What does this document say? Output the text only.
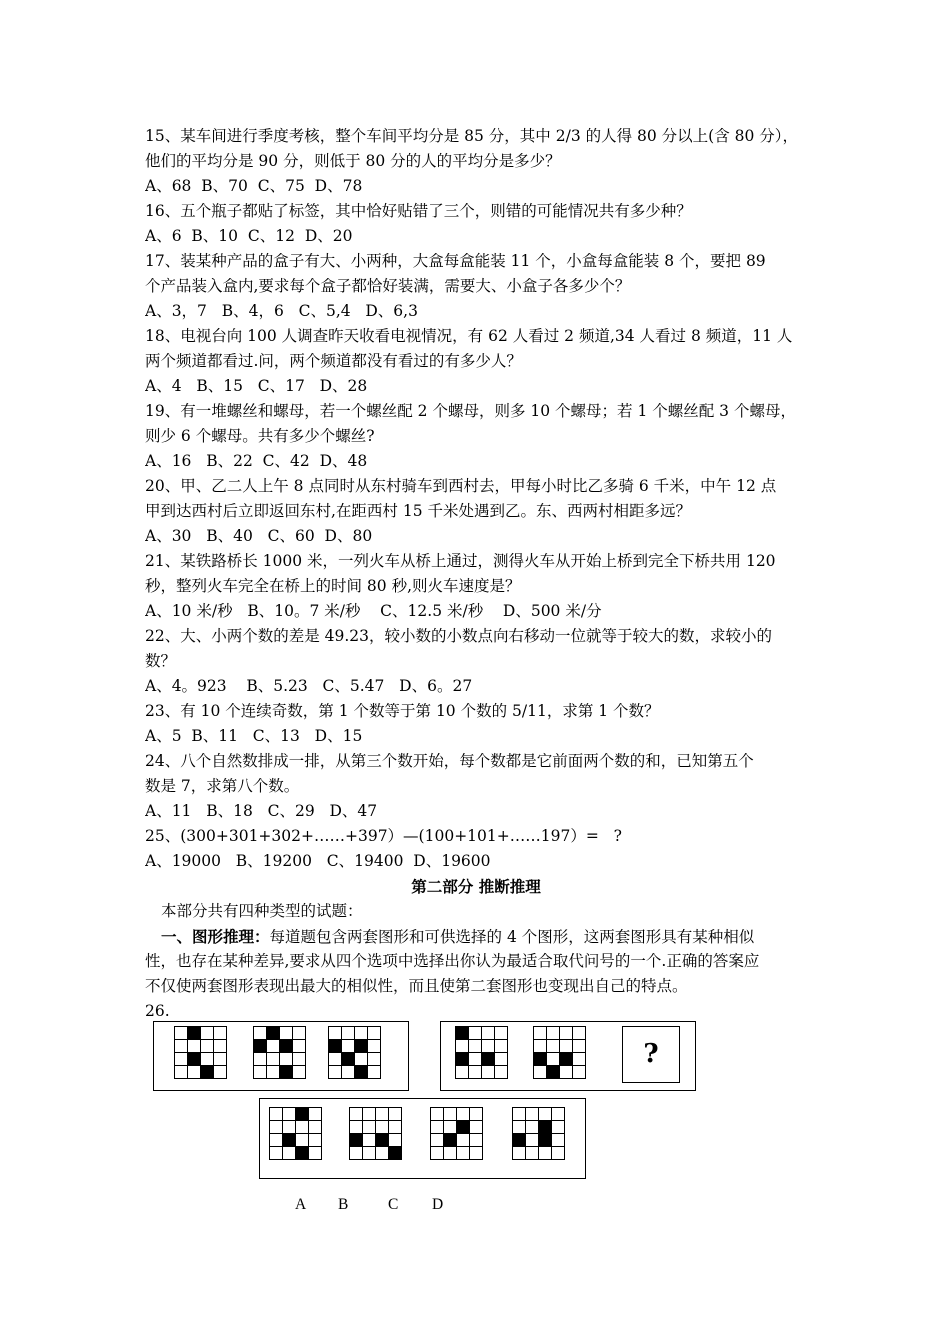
15、某车间进行季度考核，整个车间平均分是 85 分，其中 2/3 的人得 80 分以上(含 80 分），
他们的平均分是 90 分，则低于 80 分的人的平均分是多少？
A、68  B、70  C、75  D、78
16、五个瓶子都贴了标签，其中恰好贴错了三个，则错的可能情况共有多少种？
A、6  B、10  C、12  D、20
17、装某种产品的盒子有大、小两种，大盒每盒能装 11 个，小盒每盒能装 8 个，要把 89
个产品装入盒内,要求每个盒子都恰好装满，需要大、小盒子各多少个？
A、3，7   B、4，6   C、5,4   D、6,3
18、电视台向 100 人调查昨天收看电视情况，有 62 人看过 2 频道,34 人看过 8 频道，11 人
两个频道都看过.问，两个频道都没有看过的有多少人？
A、4   B、15   C、17   D、28
19、有一堆螺丝和螺母，若一个螺丝配 2 个螺母，则多 10 个螺母；若 1 个螺丝配 3 个螺母，
则少 6 个螺母。共有多少个螺丝?
A、16   B、22  C、42  D、48
20、甲、乙二人上午 8 点同时从东村骑车到西村去，甲每小时比乙多骑 6 千米，中午 12 点
甲到达西村后立即返回东村,在距西村 15 千米处遇到乙。东、西两村相距多远？
A、30   B、40   C、60  D、80
21、某铁路桥长 1000 米，一列火车从桥上通过，测得火车从开始上桥到完全下桥共用 120
秒，整列火车完全在桥上的时间 80 秒,则火车速度是？
A、10 米/秒   B、10。7 米/秒    C、12.5 米/秒    D、500 米/分
22、大、小两个数的差是 49.23，较小数的小数点向右移动一位就等于较大的数，求较小的
数？
A、4。923    B、5.23   C、5.47   D、6。27
23、有 10 个连续奇数，第 1 个数等于第 10 个数的 5/11，求第 1 个数？
A、5  B、11   C、13   D、15
24、八个自然数排成一排，从第三个数开始，每个数都是它前面两个数的和，已知第五个
数是 7，求第八个数。
A、11   B、18   C、29   D、47
25、(300+301+302+……+397）—(100+101+……197）=   ?
A、19000   B、19200   C、19400  D、19600
第二部分 推断推理
本部分共有四种类型的试题：
一、图形推理：每道题包含两套图形和可供选择的 4 个图形，这两套图形具有某种相似
性，也存在某种差异,要求从四个选项中选择出你认为最适合取代问号的一个.正确的答案应
不仅使两套图形表现出最大的相似性，而且使第二套图形也变现出自己的特点。
26.
?

A B	C D
